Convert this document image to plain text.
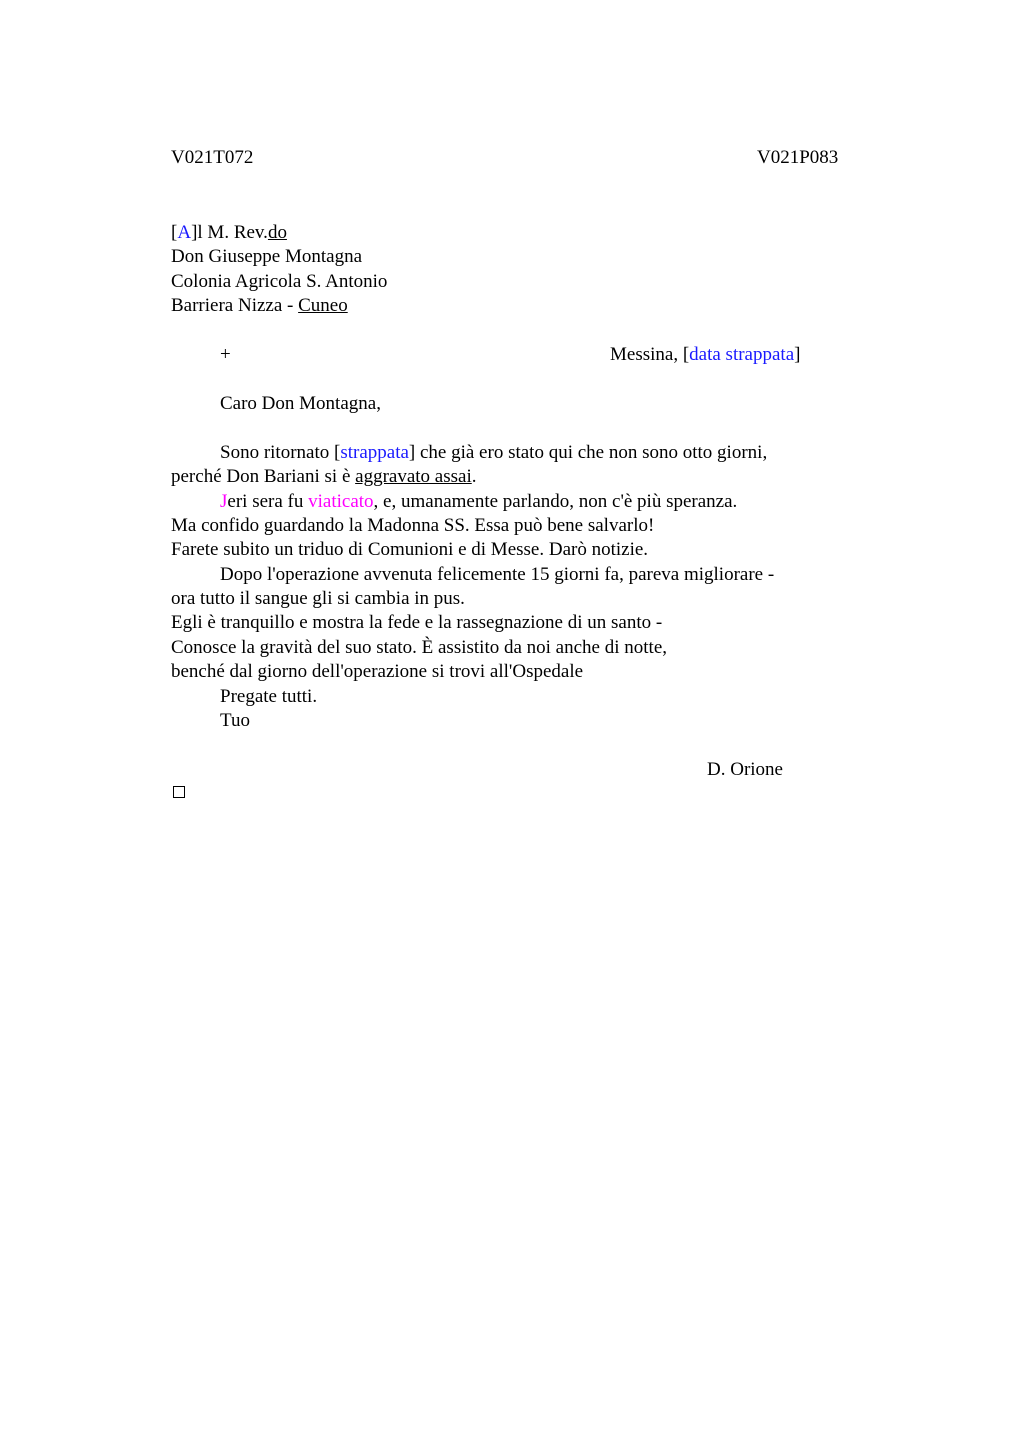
V021T072	V021P083
[A]l M. Rev.do
Don Giuseppe Montagna
Colonia Agricola S. Antonio
Barriera Nizza - Cuneo
+	Messina, [data strappata]
Caro Don Montagna,
Sono ritornato [strappata] che già ero stato qui che non sono otto giorni,
perché Don Bariani si è aggravato assai.
Jeri sera fu viaticato, e, umanamente parlando, non c'è più speranza.
Ma confido guardando la Madonna SS. Essa può bene salvarlo!
Farete subito un triduo di Comunioni e di Messe. Darò notizie.
Dopo l'operazione avvenuta felicemente 15 giorni fa, pareva migliorare -
ora tutto il sangue gli si cambia in pus.
Egli è tranquillo e mostra la fede e la rassegnazione di un santo -
Conosce la gravità del suo stato. È assistito da noi anche di notte,
benché dal giorno dell'operazione si trovi all'Ospedale
Pregate tutti.
Tuo
D. Orione
